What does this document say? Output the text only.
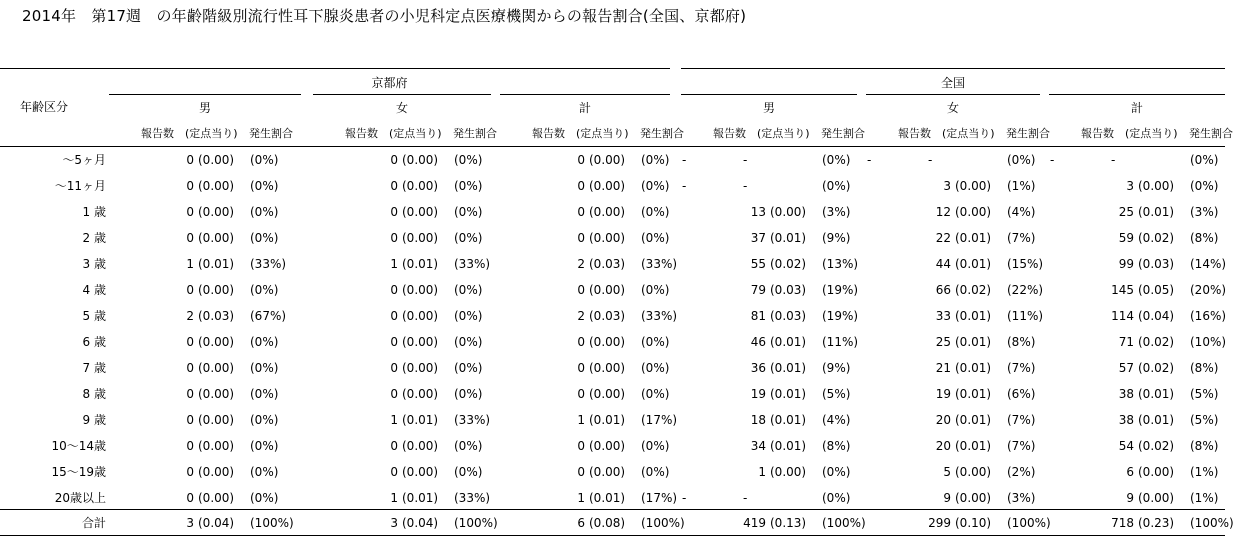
2014年　第17週　の年齢階級別流行性耳下腺炎患者の小児科定点医療機関からの報告割合(全国、京都府)
京都府	全国
年齢区分	男
報告数 (定点当り) 発生割合
女
報告数 (定点当り) 発生割合
計
報告数 (定点当り) 発生割合
男
報告数 (定点当り) 発生割合
女
報告数 (定点当り) 発生割合
計
報告数 (定点当り) 発生割合
〜5ヶ月	0 (0.00) (0%)	0 (0.00) (0%)	0 (0.00) (0%) -	-	(0%) -	-	(0%) -	-	(0%)
〜11ヶ月	0 (0.00) (0%)	0 (0.00) (0%)	0 (0.00) (0%) -	-	(0%)	3 (0.00) (1%)	3 (0.00) (0%)
1 歳	0 (0.00) (0%)	0 (0.00) (0%)	0 (0.00) (0%)	13 (0.00) (3%)	12 (0.00) (4%)	25 (0.01) (3%)
2 歳	0 (0.00) (0%)	0 (0.00) (0%)	0 (0.00) (0%)	37 (0.01) (9%)	22 (0.01) (7%)	59 (0.02) (8%)
3 歳	1 (0.01) (33%)	1 (0.01) (33%)	2 (0.03) (33%)	55 (0.02) (13%)	44 (0.01) (15%)	99 (0.03) (14%)
4 歳	0 (0.00) (0%)	0 (0.00) (0%)	0 (0.00) (0%)	79 (0.03) (19%)	66 (0.02) (22%)	145 (0.05) (20%)
5 歳	2 (0.03) (67%)	0 (0.00) (0%)	2 (0.03) (33%)	81 (0.03) (19%)	33 (0.01) (11%)	114 (0.04) (16%)
6 歳	0 (0.00) (0%)	0 (0.00) (0%)	0 (0.00) (0%)	46 (0.01) (11%)	25 (0.01) (8%)	71 (0.02) (10%)
7 歳	0 (0.00) (0%)	0 (0.00) (0%)	0 (0.00) (0%)	36 (0.01) (9%)	21 (0.01) (7%)	57 (0.02) (8%)
8 歳	0 (0.00) (0%)	0 (0.00) (0%)	0 (0.00) (0%)	19 (0.01) (5%)	19 (0.01) (6%)	38 (0.01) (5%)
9 歳	0 (0.00) (0%)	1 (0.01) (33%)	1 (0.01) (17%)	18 (0.01) (4%)	20 (0.01) (7%)	38 (0.01) (5%)
10〜14歳	0 (0.00) (0%)	0 (0.00) (0%)	0 (0.00) (0%)	34 (0.01) (8%)	20 (0.01) (7%)	54 (0.02) (8%)
15〜19歳	0 (0.00) (0%)	0 (0.00) (0%)	0 (0.00) (0%)	1 (0.00) (0%)	5 (0.00) (2%)	6 (0.00) (1%)
20歳以上	0 (0.00) (0%)	1 (0.01) (33%)	1 (0.01) (17%) -	-	(0%)	9 (0.00) (3%)	9 (0.00) (1%)
合計	3 (0.04) (100%)	3 (0.04) (100%)	6 (0.08) (100%)	419 (0.13) (100%)	299 (0.10) (100%)	718 (0.23) (100%)
